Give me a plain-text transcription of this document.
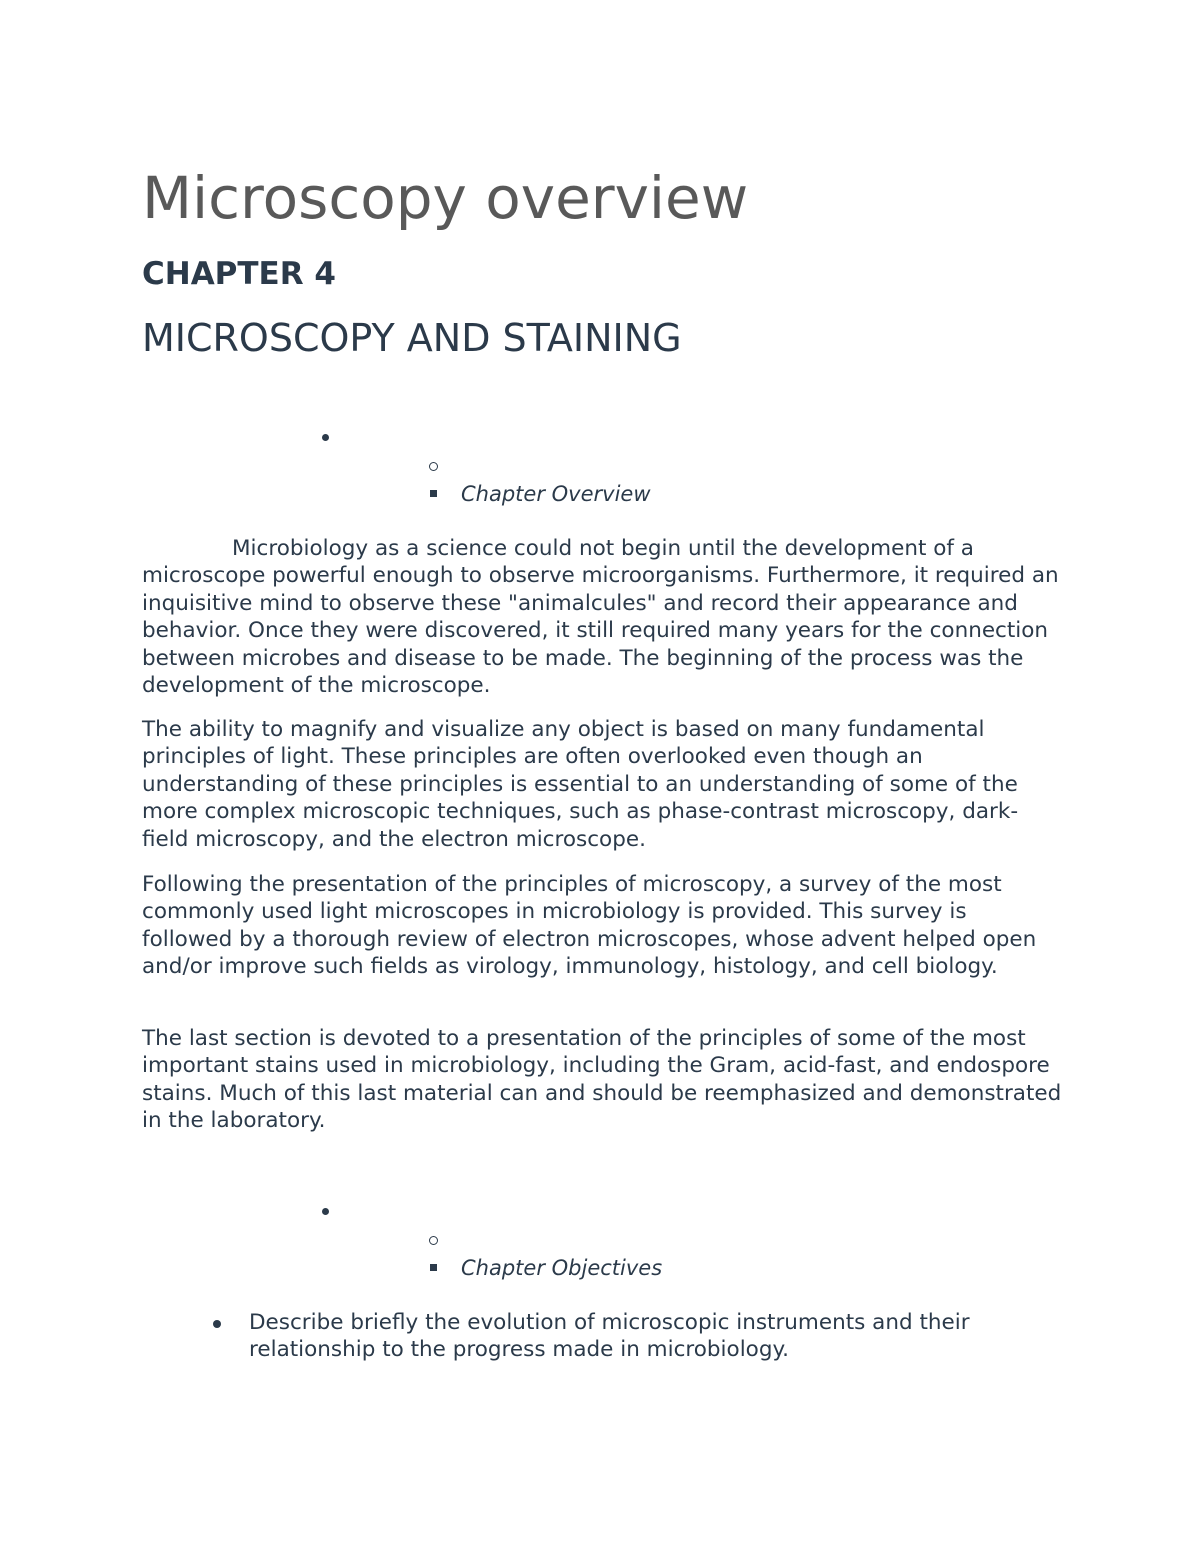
Microscopy overview
CHAPTER 4
MICROSCOPY AND STAINING

Chapter Overview

Microbiology as a science could not begin until the development of a microscope powerful enough to observe microorganisms. Furthermore, it required an inquisitive mind to observe these "animalcules" and record their appearance and behavior. Once they were discovered, it still required many years for the connection between microbes and disease to be made. The beginning of the process was the development of the microscope.

The ability to magnify and visualize any object is based on many fundamental principles of light. These principles are often overlooked even though an understanding of these principles is essential to an understanding of some of the more complex microscopic techniques, such as phase-contrast microscopy, dark-field microscopy, and the electron microscope.

Following the presentation of the principles of microscopy, a survey of the most commonly used light microscopes in microbiology is provided. This survey is followed by a thorough review of electron microscopes, whose advent helped open and/or improve such fields as virology, immunology, histology, and cell biology.

The last section is devoted to a presentation of the principles of some of the most important stains used in microbiology, including the Gram, acid-fast, and endospore stains. Much of this last material can and should be reemphasized and demonstrated in the laboratory.

Chapter Objectives

Describe briefly the evolution of microscopic instruments and their relationship to the progress made in microbiology.
